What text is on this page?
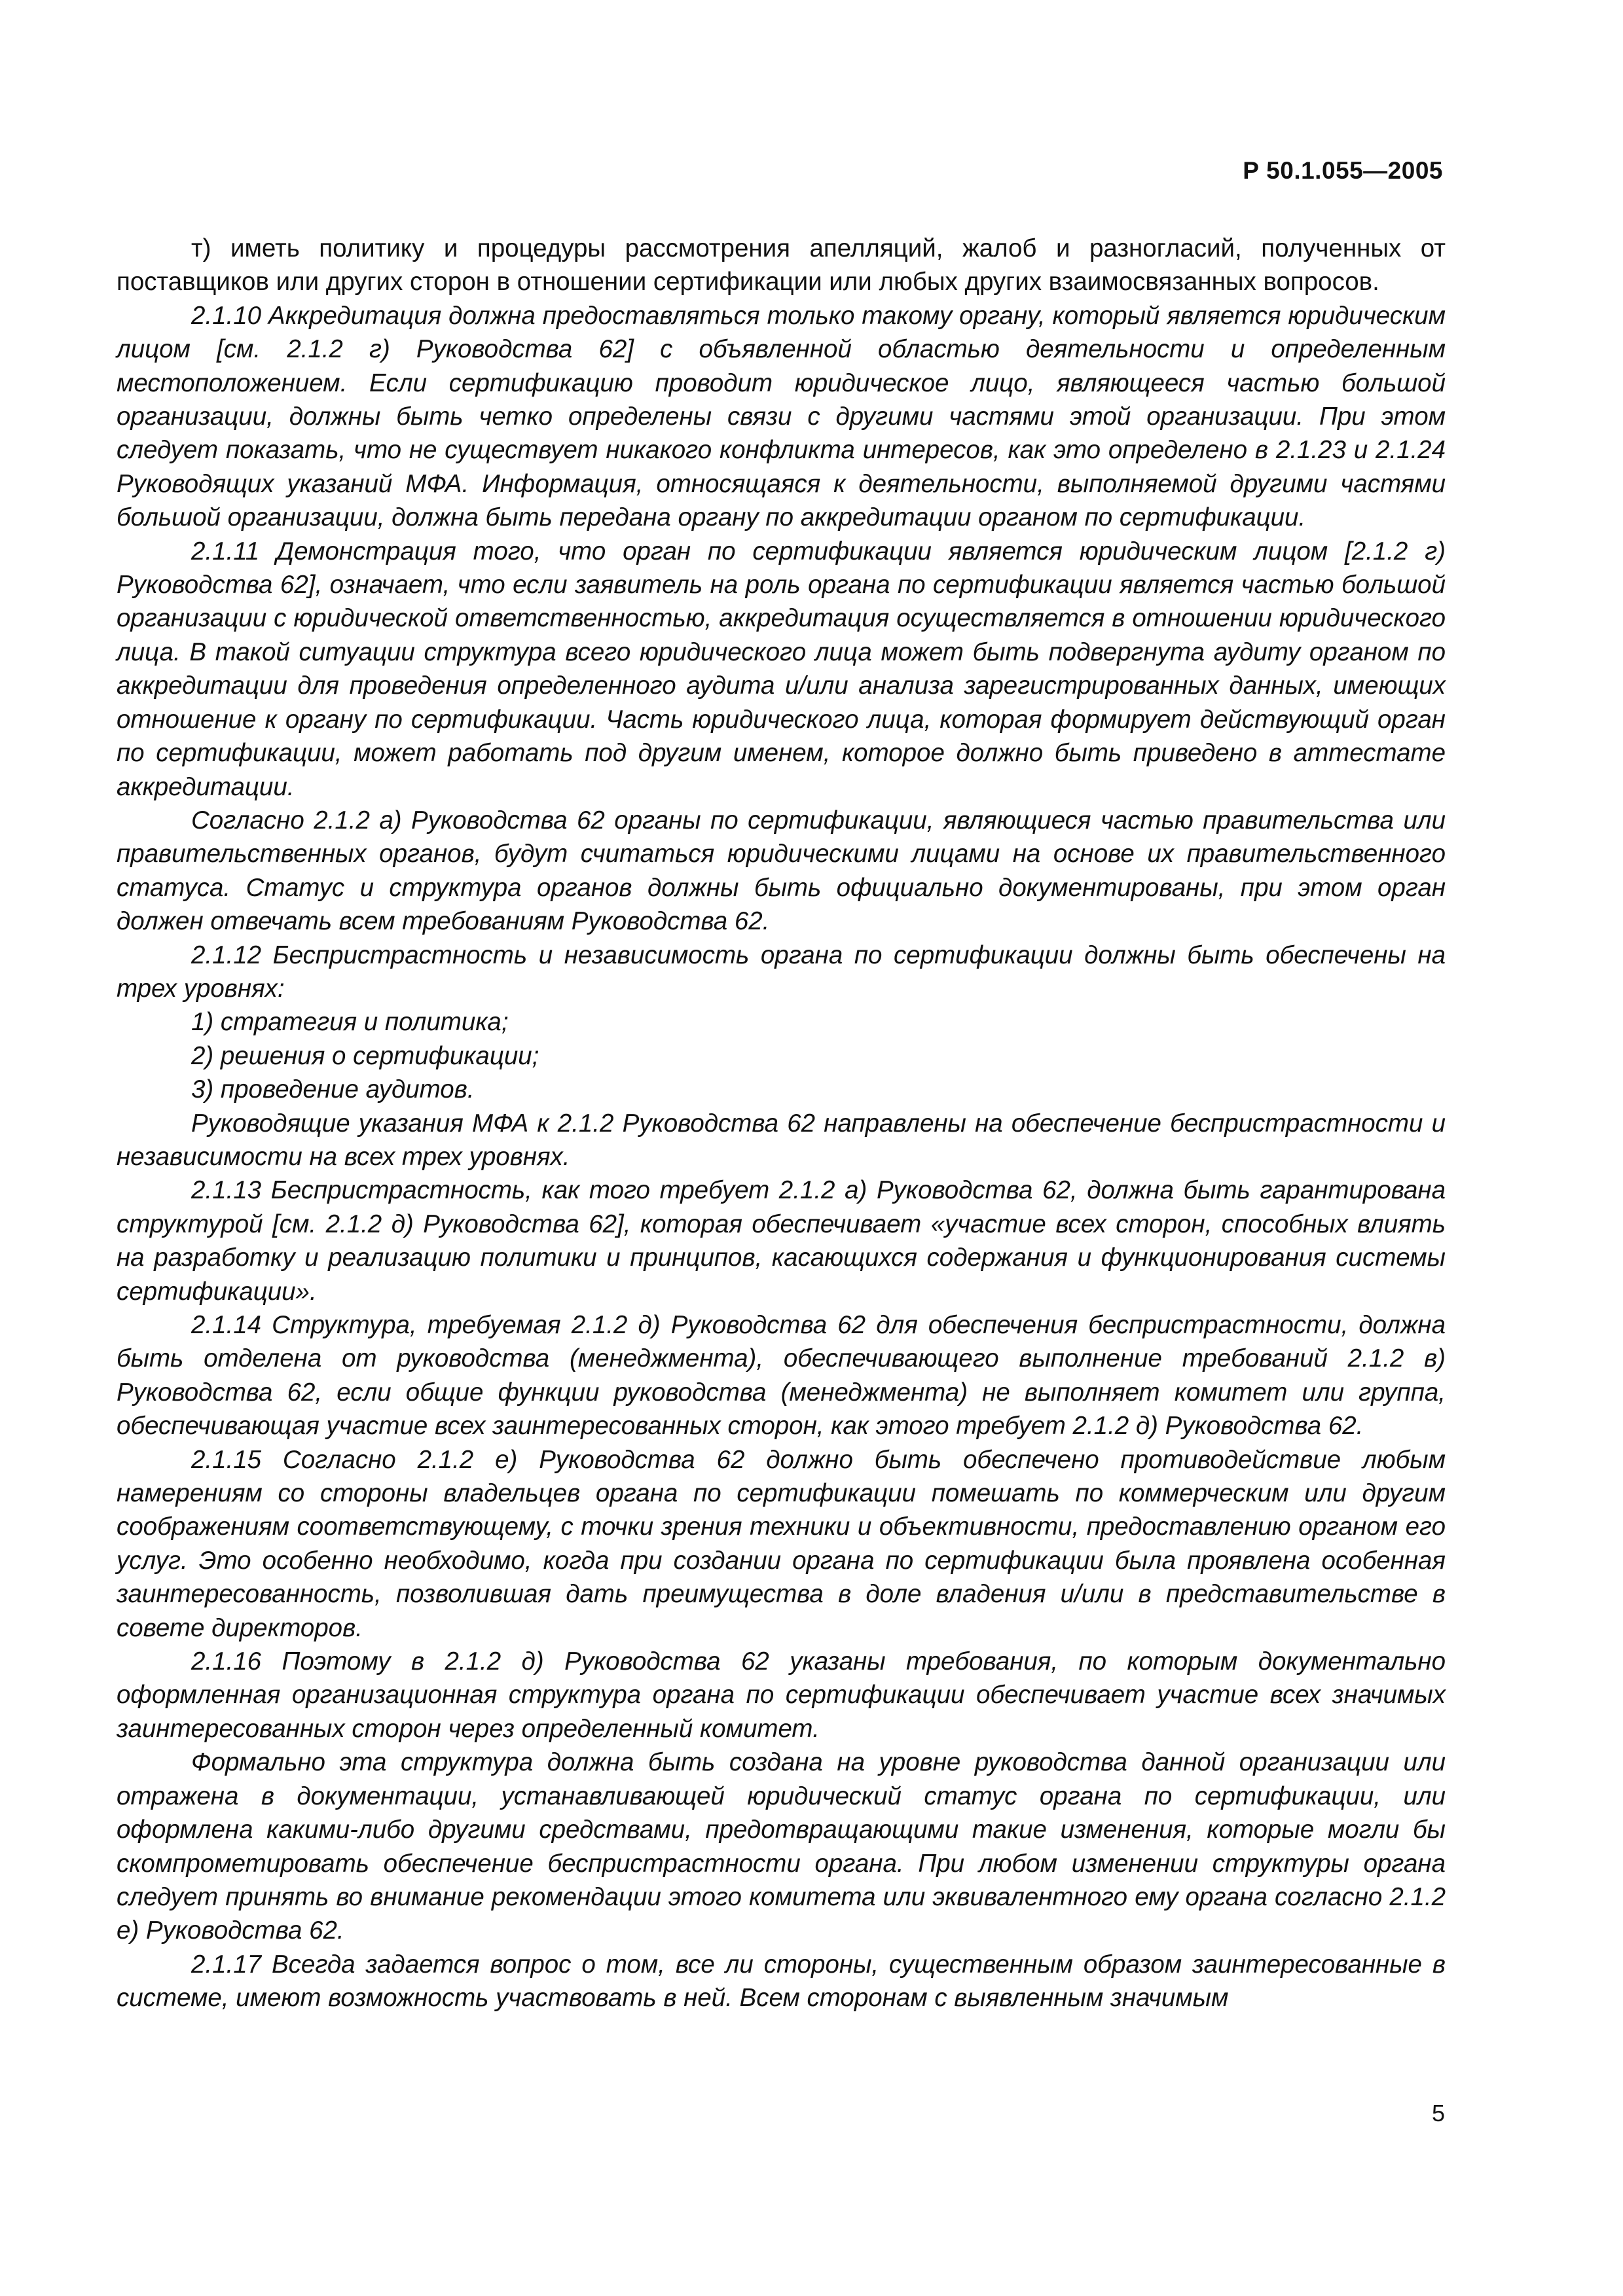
Р 50.1.055—2005

т) иметь политику и процедуры рассмотрения апелляций, жалоб и разногласий, полученных от поставщиков или других сторон в отношении сертификации или любых других взаимосвязанных вопросов.

2.1.10 Аккредитация должна предоставляться только такому органу, который является юридическим лицом [см. 2.1.2 г) Руководства 62] с объявленной областью деятельности и определенным местоположением. Если сертификацию проводит юридическое лицо, являющееся частью большой организации, должны быть четко определены связи с другими частями этой организации. При этом следует показать, что не существует никакого конфликта интересов, как это определено в 2.1.23 и 2.1.24 Руководящих указаний МФА. Информация, относящаяся к деятельности, выполняемой другими частями большой организации, должна быть передана органу по аккредитации органом по сертификации.

2.1.11 Демонстрация того, что орган по сертификации является юридическим лицом [2.1.2 г) Руководства 62], означает, что если заявитель на роль органа по сертификации является частью большой организации с юридической ответственностью, аккредитация осуществляется в отношении юридического лица. В такой ситуации структура всего юридического лица может быть подвергнута аудиту органом по аккредитации для проведения определенного аудита и/или анализа зарегистрированных данных, имеющих отношение к органу по сертификации. Часть юридического лица, которая формирует действующий орган по сертификации, может работать под другим именем, которое должно быть приведено в аттестате аккредитации.

Согласно 2.1.2 а) Руководства 62 органы по сертификации, являющиеся частью правительства или правительственных органов, будут считаться юридическими лицами на основе их правительственного статуса. Статус и структура органов должны быть официально документированы, при этом орган должен отвечать всем требованиям Руководства 62.

2.1.12 Беспристрастность и независимость органа по сертификации должны быть обеспечены на трех уровнях:

1) стратегия и политика;

2) решения о сертификации;

3) проведение аудитов.

Руководящие указания МФА к 2.1.2 Руководства 62 направлены на обеспечение беспристрастности и независимости на всех трех уровнях.

2.1.13 Беспристрастность, как того требует 2.1.2 а) Руководства 62, должна быть гарантирована структурой [см. 2.1.2 д) Руководства 62], которая обеспечивает «участие всех сторон, способных влиять на разработку и реализацию политики и принципов, касающихся содержания и функционирования системы сертификации».

2.1.14 Структура, требуемая 2.1.2 д) Руководства 62 для обеспечения беспристрастности, должна быть отделена от руководства (менеджмента), обеспечивающего выполнение требований 2.1.2 в) Руководства 62, если общие функции руководства (менеджмента) не выполняет комитет или группа, обеспечивающая участие всех заинтересованных сторон, как этого требует 2.1.2 д) Руководства 62.

2.1.15 Согласно 2.1.2 е) Руководства 62 должно быть обеспечено противодействие любым намерениям со стороны владельцев органа по сертификации помешать по коммерческим или другим соображениям соответствующему, с точки зрения техники и объективности, предоставлению органом его услуг. Это особенно необходимо, когда при создании органа по сертификации была проявлена особенная заинтересованность, позволившая дать преимущества в доле владения и/или в представительстве в совете директоров.

2.1.16 Поэтому в 2.1.2 д) Руководства 62 указаны требования, по которым документально оформленная организационная структура органа по сертификации обеспечивает участие всех значимых заинтересованных сторон через определенный комитет.

Формально эта структура должна быть создана на уровне руководства данной организации или отражена в документации, устанавливающей юридический статус органа по сертификации, или оформлена какими-либо другими средствами, предотвращающими такие изменения, которые могли бы скомпрометировать обеспечение беспристрастности органа. При любом изменении структуры органа следует принять во внимание рекомендации этого комитета или эквивалентного ему органа согласно 2.1.2 е) Руководства 62.

2.1.17 Всегда задается вопрос о том, все ли стороны, существенным образом заинтересованные в системе, имеют возможность участвовать в ней. Всем сторонам с выявленным значимым

5
